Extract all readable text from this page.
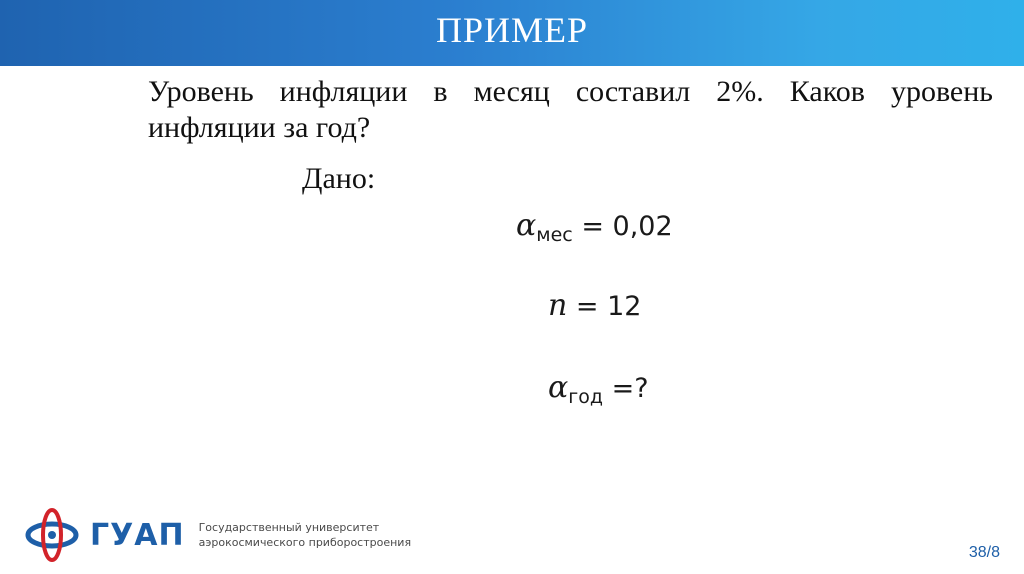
ПРИМЕР
Уровень инфляции в месяц составил 2%. Каков уровень инфляции за год?
Дано:
$\alpha_{мес} = 0,02$
n = 12
$\alpha_{год}$ =?
ГУАП Государственный университет
аэрокосмического приборостроения
38/8
